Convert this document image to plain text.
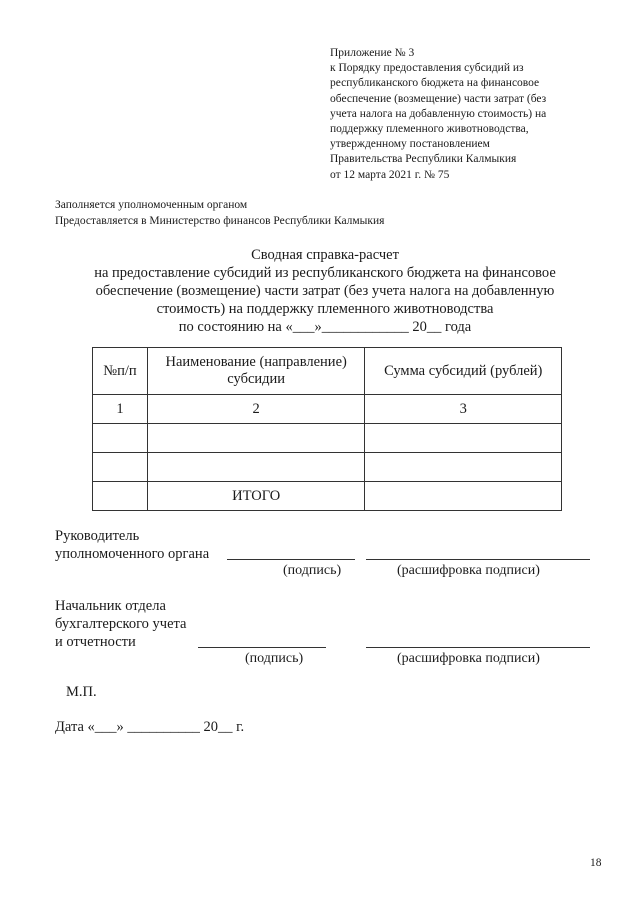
Приложение № 3
к Порядку предоставления субсидий из
республиканского бюджета на финансовое
обеспечение (возмещение) части затрат (без
учета налога на добавленную стоимость) на
поддержку племенного животноводства,
утвержденному постановлением
Правительства Республики Калмыкия
от 12 марта 2021 г. № 75
Заполняется уполномоченным органом
Предоставляется в Министерство финансов Республики Калмыкия
Сводная справка-расчет
на предоставление субсидий из республиканского бюджета на финансовое
обеспечение (возмещение) части затрат (без учета налога на добавленную
стоимость) на поддержку племенного животноводства
по состоянию на «___»____________ 20__ года
№п/п	Наименование (направление) субсидии	Сумма субсидий (рублей)
1	2	3

	ИТОГО	
Руководитель
уполномоченного органа
(подпись)	(расшифровка подписи)
Начальник отдела
бухгалтерского учета
и отчетности
(подпись)	(расшифровка подписи)
М.П.
Дата «___» __________ 20__ г.
18
